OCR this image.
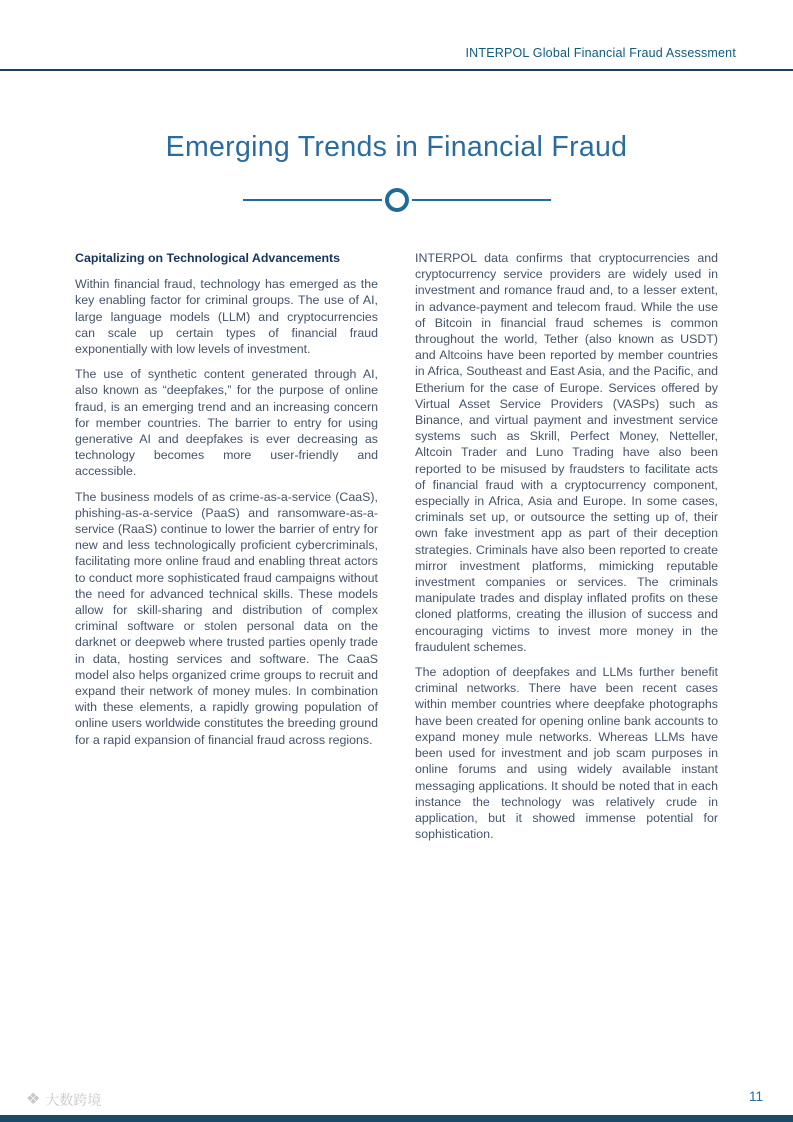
INTERPOL Global Financial Fraud Assessment
Emerging Trends in Financial Fraud
Capitalizing on Technological Advancements

Within financial fraud, technology has emerged as the key enabling factor for criminal groups. The use of AI, large language models (LLM) and cryptocurrencies can scale up certain types of financial fraud exponentially with low levels of investment.

The use of synthetic content generated through AI, also known as “deepfakes,” for the purpose of online fraud, is an emerging trend and an increasing concern for member countries. The barrier to entry for using generative AI and deepfakes is ever decreasing as technology becomes more user-friendly and accessible.

The business models of as crime-as-a-service (CaaS), phishing-as-a-service (PaaS) and ransomware-as-a-service (RaaS) continue to lower the barrier of entry for new and less technologically proficient cybercriminals, facilitating more online fraud and enabling threat actors to conduct more sophisticated fraud campaigns without the need for advanced technical skills. These models allow for skill-sharing and distribution of complex criminal software or stolen personal data on the darknet or deepweb where trusted parties openly trade in data, hosting services and software. The CaaS model also helps organized crime groups to recruit and expand their network of money mules. In combination with these elements, a rapidly growing population of online users worldwide constitutes the breeding ground for a rapid expansion of financial fraud across regions.

INTERPOL data confirms that cryptocurrencies and cryptocurrency service providers are widely used in investment and romance fraud and, to a lesser extent, in advance-payment and telecom fraud. While the use of Bitcoin in financial fraud schemes is common throughout the world, Tether (also known as USDT) and Altcoins have been reported by member countries in Africa, Southeast and East Asia, and the Pacific, and Etherium for the case of Europe. Services offered by Virtual Asset Service Providers (VASPs) such as Binance, and virtual payment and investment service systems such as Skrill, Perfect Money, Netteller, Altcoin Trader and Luno Trading have also been reported to be misused by fraudsters to facilitate acts of financial fraud with a cryptocurrency component, especially in Africa, Asia and Europe. In some cases, criminals set up, or outsource the setting up of, their own fake investment app as part of their deception strategies. Criminals have also been reported to create mirror investment platforms, mimicking reputable investment companies or services. The criminals manipulate trades and display inflated profits on these cloned platforms, creating the illusion of success and encouraging victims to invest more money in the fraudulent schemes.

The adoption of deepfakes and LLMs further benefit criminal networks. There have been recent cases within member countries where deepfake photographs have been created for opening online bank accounts to expand money mule networks. Whereas LLMs have been used for investment and job scam purposes in online forums and using widely available instant messaging applications. It should be noted that in each instance the technology was relatively crude in application, but it showed immense potential for sophistication.

❖ 大数跨境	11
